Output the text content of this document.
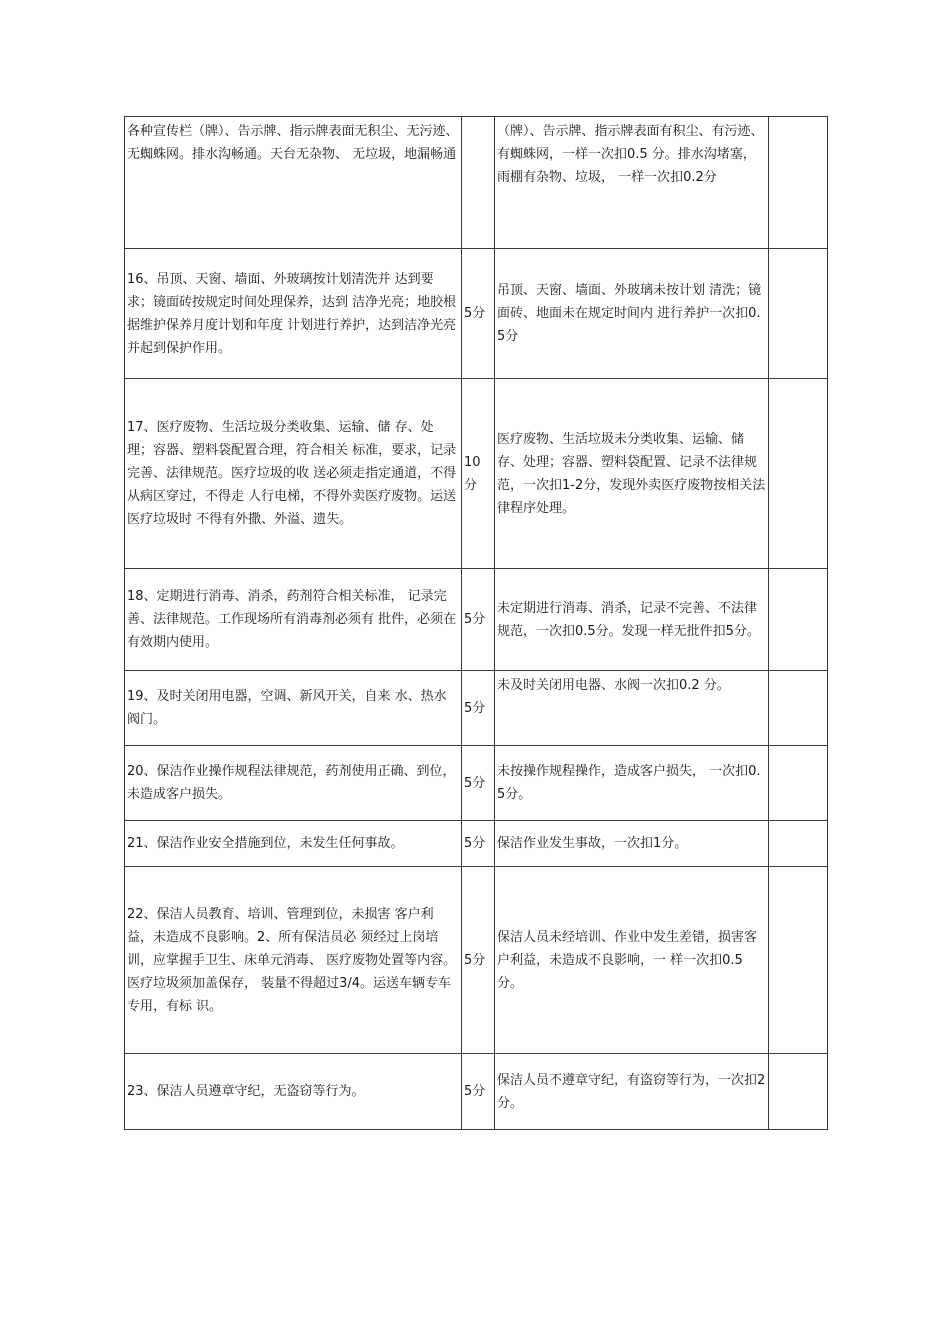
各种宣传栏（牌）、告示牌、指示牌表面无积尘、无污迹、无蜘蛛网。排水沟畅通。天台无杂物、 无垃圾，地漏畅通		（牌）、告示牌、指示牌表面有积尘、有污迹、有蜘蛛网，一样一次扣0.5 分。排水沟堵塞，雨棚有杂物、垃圾， 一样一次扣0.2分	
16、吊顶、天窗、墙面、外玻璃按计划清洗并 达到要求；镜面砖按规定时间处理保养，达到 洁净光亮；地胶根据维护保养月度计划和年度 计划进行养护，达到洁净光亮并起到保护作用。	5分	吊顶、天窗、墙面、外玻璃未按计划 清洗；镜面砖、地面未在规定时间内 进行养护一次扣0.5分	
17、医疗废物、生活垃圾分类收集、运输、储 存、处理；容器、塑料袋配置合理，符合相关 标准，要求，记录完善、法律规范。医疗垃圾的收 送必须走指定通道，不得从病区穿过，不得走 人行电梯，不得外卖医疗废物。运送医疗垃圾时 不得有外撒、外溢、遗失。	10分	医疗废物、生活垃圾未分类收集、运输、储存、处理；容器、塑料袋配置、记录不法律规范，一次扣1-2分，发现外卖医疗废物按相关法律程序处理。	
18、定期进行消毒、消杀，药剂符合相关标准， 记录完善、法律规范。工作现场所有消毒剂必须有 批件，必须在有效期内使用。	5分	未定期进行消毒、消杀，记录不完善、不法律规范，一次扣0.5分。发现一样无批件扣5分。	
19、及时关闭用电器，空调、新风开关，自来 水、热水阀门。	5分	未及时关闭用电器、水阀一次扣0.2 分。	
20、保洁作业操作规程法律规范，药剂使用正确、到位，未造成客户损失。	5分	未按操作规程操作，造成客户损失， 一次扣0.5分。	
21、保洁作业安全措施到位，未发生任何事故。	5分	保洁作业发生事故，一次扣1分。	
22、保洁人员教育、培训、管理到位，未损害 客户利益，未造成不良影响。2、所有保洁员必 须经过上岗培训，应掌握手卫生、床单元消毒、 医疗废物处置等内容。医疗垃圾须加盖保存， 装量不得超过3/4。运送车辆专车专用，有标 识。	5分	保洁人员未经培训、作业中发生差错，损害客户利益，未造成不良影响，一 样一次扣0.5分。	
23、保洁人员遵章守纪，无盗窃等行为。	5分	保洁人员不遵章守纪，有盗窃等行为，一次扣2分。	
